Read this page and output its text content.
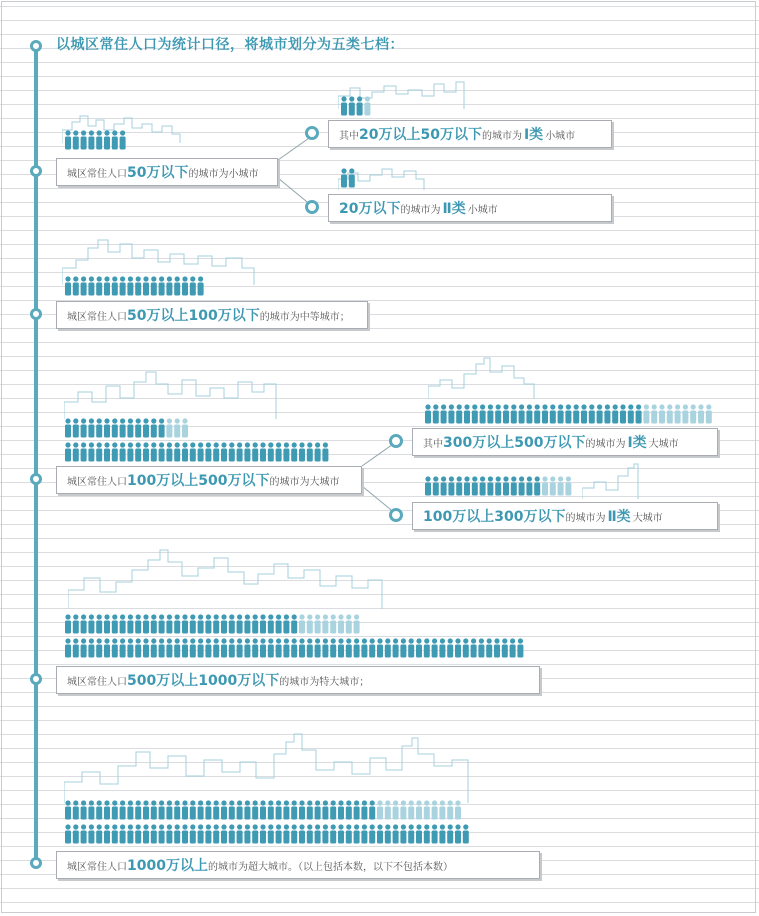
以城区常住人口为统计口径，将城市划分为五类七档：
城区常住人口50万以下的城市为小城市
城区常住人口50万以上100万以下的城市为中等城市；
城区常住人口100万以上500万以下的城市为大城市
城区常住人口500万以上1000万以下的城市为特大城市；
城区常住人口1000万以上的城市为超大城市。（以上包括本数，以下不包括本数）
其中20万以上50万以下的城市为 Ⅰ类 小城市
20万以下的城市为 Ⅱ类 小城市
其中300万以上500万以下的城市为 Ⅰ类 大城市
100万以上300万以下的城市为 Ⅱ类 大城市
